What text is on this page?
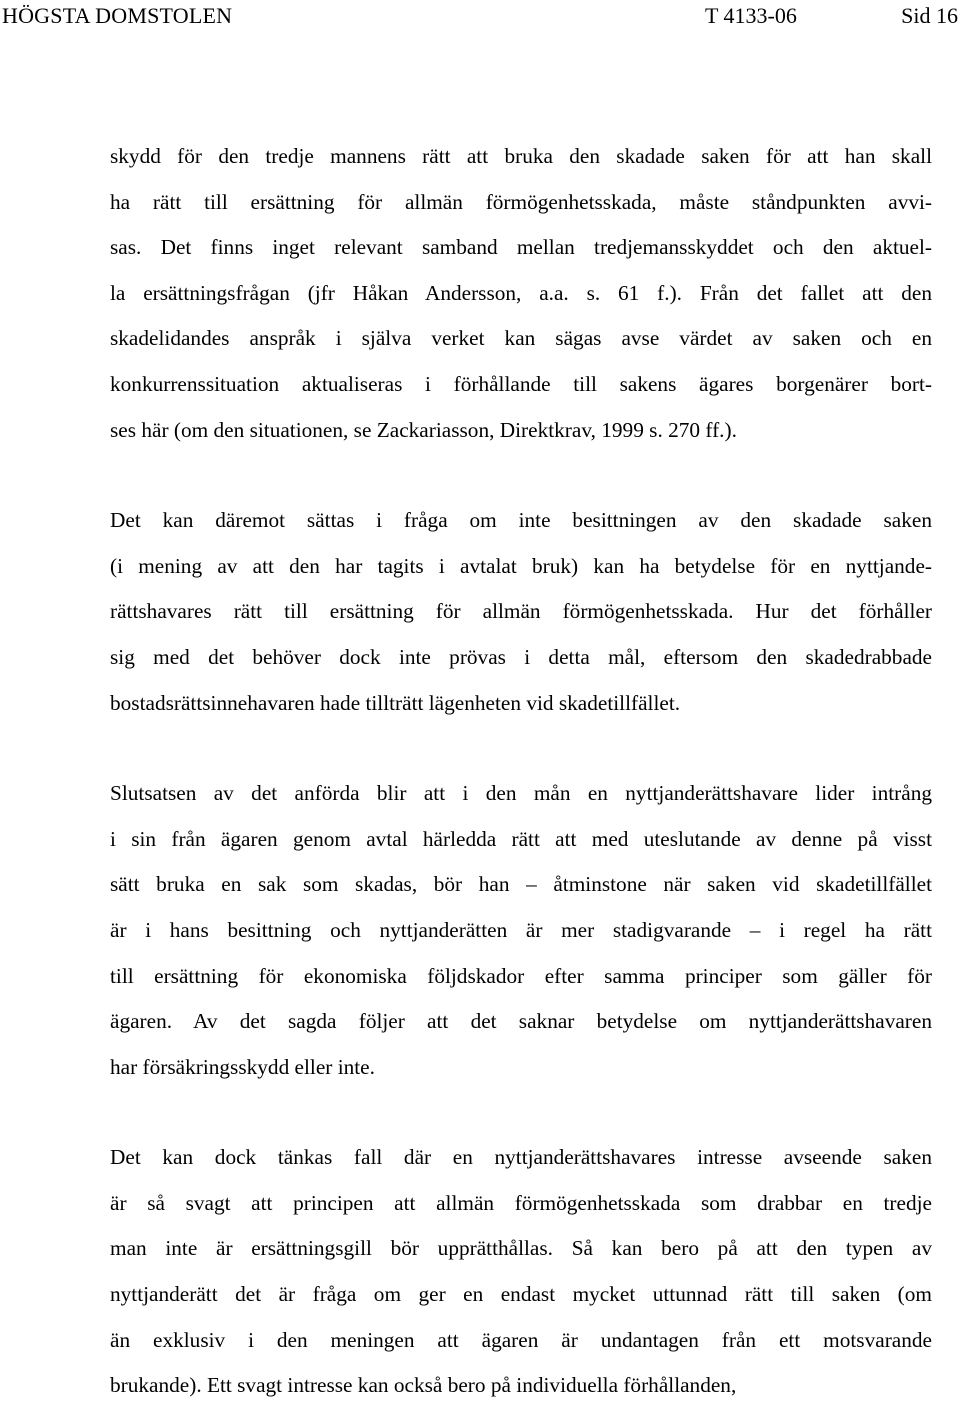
HÖGSTA DOMSTOLEN	T 4133-06	Sid 16
skydd för den tredje mannens rätt att bruka den skadade saken för att han skall
ha rätt till ersättning för allmän förmögenhetsskada, måste ståndpunkten avvi-
sas. Det finns inget relevant samband mellan tredjemansskyddet och den aktuel-
la ersättningsfrågan (jfr Håkan Andersson, a.a. s. 61 f.). Från det fallet att den
skadelidandes anspråk i själva verket kan sägas avse värdet av saken och en
konkurrenssituation aktualiseras i förhållande till sakens ägares borgenärer bort-
ses här (om den situationen, se Zackariasson, Direktkrav, 1999 s. 270 ff.).
Det kan däremot sättas i fråga om inte besittningen av den skadade saken
(i mening av att den har tagits i avtalat bruk) kan ha betydelse för en nyttjande-
rättshavares rätt till ersättning för allmän förmögenhetsskada. Hur det förhåller
sig med det behöver dock inte prövas i detta mål, eftersom den skadedrabbade
bostadsrättsinnehavaren hade tillträtt lägenheten vid skadetillfället.
Slutsatsen av det anförda blir att i den mån en nyttjanderättshavare lider intrång
i sin från ägaren genom avtal härledda rätt att med uteslutande av denne på visst
sätt bruka en sak som skadas, bör han – åtminstone när saken vid skadetillfället
är i hans besittning och nyttjanderätten är mer stadigvarande – i regel ha rätt
till ersättning för ekonomiska följdskador efter samma principer som gäller för
ägaren. Av det sagda följer att det saknar betydelse om nyttjanderättshavaren
har försäkringsskydd eller inte.
Det kan dock tänkas fall där en nyttjanderättshavares intresse avseende saken
är så svagt att principen att allmän förmögenhetsskada som drabbar en tredje
man inte är ersättningsgill bör upprätthållas. Så kan bero på att den typen av
nyttjanderätt det är fråga om ger en endast mycket uttunnad rätt till saken (om
än exklusiv i den meningen att ägaren är undantagen från ett motsvarande
brukande). Ett svagt intresse kan också bero på individuella förhållanden,
